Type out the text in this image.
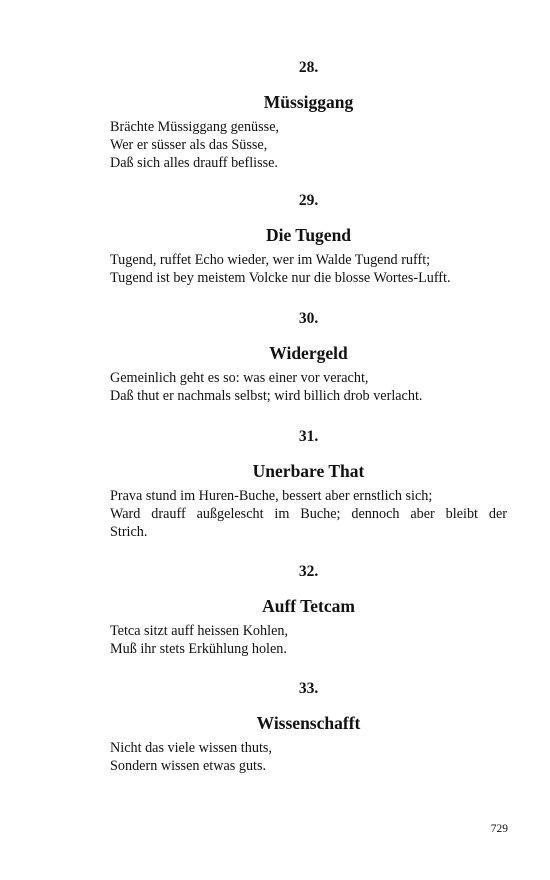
28.
Müssiggang
Brächte Müssiggang genüsse,
Wer er süsser als das Süsse,
Daß sich alles drauff beflisse.
29.
Die Tugend
Tugend, ruffet Echo wieder, wer im Walde Tugend rufft;
Tugend ist bey meistem Volcke nur die blosse Wortes-Lufft.
30.
Widergeld
Gemeinlich geht es so: was einer vor veracht,
Daß thut er nachmals selbst; wird billich drob verlacht.
31.
Unerbare That
Prava stund im Huren-Buche, bessert aber ernstlich sich;
Ward drauff außgelescht im Buche; dennoch aber bleibt der
Strich.
32.
Auff Tetcam
Tetca sitzt auff heissen Kohlen,
Muß ihr stets Erkühlung holen.
33.
Wissenschafft
Nicht das viele wissen thuts,
Sondern wissen etwas guts.
729
